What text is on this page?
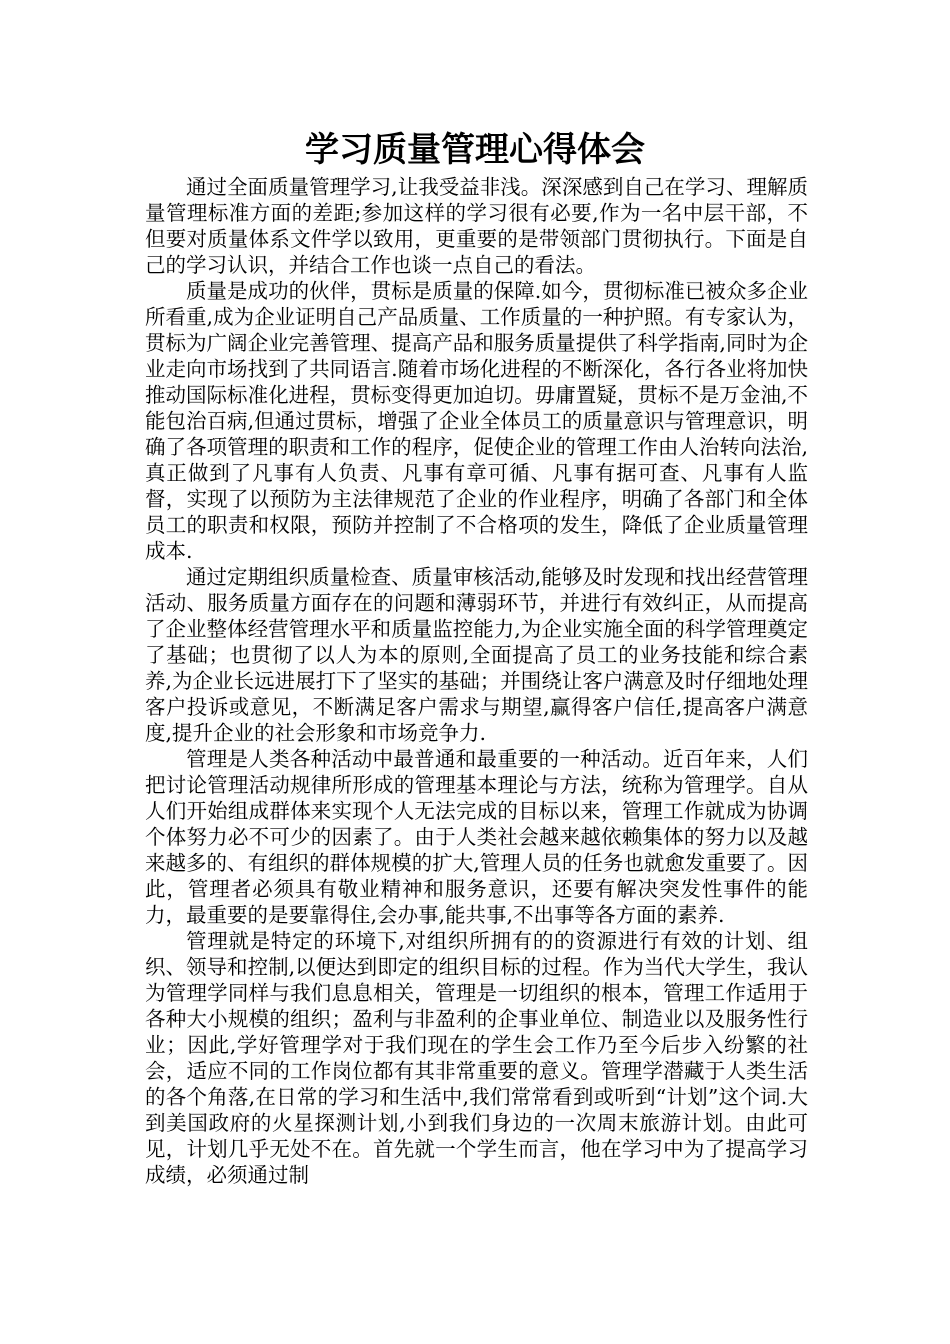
学习质量管理心得体会

通过全面质量管理学习,让我受益非浅。深深感到自己在学习、理解质量管理标准方面的差距;参加这样的学习很有必要,作为一名中层干部，不但要对质量体系文件学以致用，更重要的是带领部门贯彻执行。下面是自己的学习认识，并结合工作也谈一点自己的看法。

质量是成功的伙伴，贯标是质量的保障.如今，贯彻标准已被众多企业所看重,成为企业证明自己产品质量、工作质量的一种护照。有专家认为，贯标为广阔企业完善管理、提高产品和服务质量提供了科学指南,同时为企业走向市场找到了共同语言.随着市场化进程的不断深化，各行各业将加快推动国际标准化进程，贯标变得更加迫切。毋庸置疑，贯标不是万金油,不能包治百病,但通过贯标，增强了企业全体员工的质量意识与管理意识，明确了各项管理的职责和工作的程序，促使企业的管理工作由人治转向法治,真正做到了凡事有人负责、凡事有章可循、凡事有据可查、凡事有人监督，实现了以预防为主法律规范了企业的作业程序，明确了各部门和全体员工的职责和权限，预防并控制了不合格项的发生，降低了企业质量管理成本.

通过定期组织质量检查、质量审核活动,能够及时发现和找出经营管理活动、服务质量方面存在的问题和薄弱环节，并进行有效纠正，从而提高了企业整体经营管理水平和质量监控能力,为企业实施全面的科学管理奠定了基础；也贯彻了以人为本的原则,全面提高了员工的业务技能和综合素养,为企业长远进展打下了坚实的基础；并围绕让客户满意及时仔细地处理客户投诉或意见，不断满足客户需求与期望,赢得客户信任,提高客户满意度,提升企业的社会形象和市场竞争力.

管理是人类各种活动中最普通和最重要的一种活动。近百年来，人们把讨论管理活动规律所形成的管理基本理论与方法，统称为管理学。自从人们开始组成群体来实现个人无法完成的目标以来，管理工作就成为协调个体努力必不可少的因素了。由于人类社会越来越依赖集体的努力以及越来越多的、有组织的群体规模的扩大,管理人员的任务也就愈发重要了。因此，管理者必须具有敬业精神和服务意识，还要有解决突发性事件的能力，最重要的是要靠得住,会办事,能共事,不出事等各方面的素养.

管理就是特定的环境下,对组织所拥有的的资源进行有效的计划、组织、领导和控制,以便达到即定的组织目标的过程。作为当代大学生，我认为管理学同样与我们息息相关，管理是一切组织的根本，管理工作适用于各种大小规模的组织；盈利与非盈利的企事业单位、制造业以及服务性行业；因此,学好管理学对于我们现在的学生会工作乃至今后步入纷繁的社会，适应不同的工作岗位都有其非常重要的意义。管理学潜藏于人类生活的各个角落,在日常的学习和生活中,我们常常看到或听到“计划”这个词.大到美国政府的火星探测计划,小到我们身边的一次周末旅游计划。由此可见，计划几乎无处不在。首先就一个学生而言，他在学习中为了提高学习成绩，必须通过制
